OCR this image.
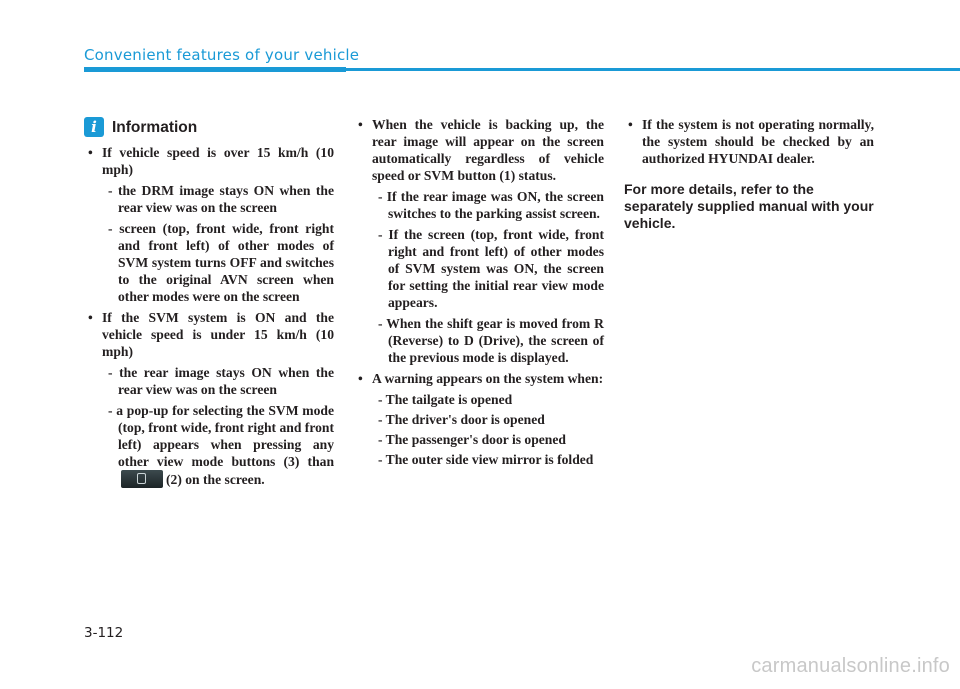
Convenient features of your vehicle
i Information

• If vehicle speed is over 15 km/h (10 mph)

- the DRM image stays ON when the rear view was on the screen

- screen (top, front wide, front right and front left) of other modes of SVM system turns OFF and switches to the original AVN screen when other modes were on the screen

• If the SVM system is ON and the vehicle speed is under 15 km/h (10 mph)

- the rear image stays ON when the rear view was on the screen

- a pop-up for selecting the SVM mode (top, front wide, front right and front left) appears when pressing any other view mode buttons (3) than(2) on the screen.

• When the vehicle is backing up, the rear image will appear on the screen automatically regardless of vehicle speed or SVM button (1) status.

- If the rear image was ON, the screen switches to the parking assist screen.

- If the screen (top, front wide, front right and front left) of other modes of SVM system was ON, the screen for setting the initial rear view mode appears.

- When the shift gear is moved from R (Reverse) to D (Drive), the screen of the previous mode is displayed.

• A warning appears on the system when:

- The tailgate is opened

- The driver's door is opened

- The passenger's door is opened

- The outer side view mirror is folded

• If the system is not operating normally, the system should be checked by an authorized HYUNDAI dealer.

For more details, refer to the separately supplied manual with your vehicle.

3-112
carmanualsonline.info
